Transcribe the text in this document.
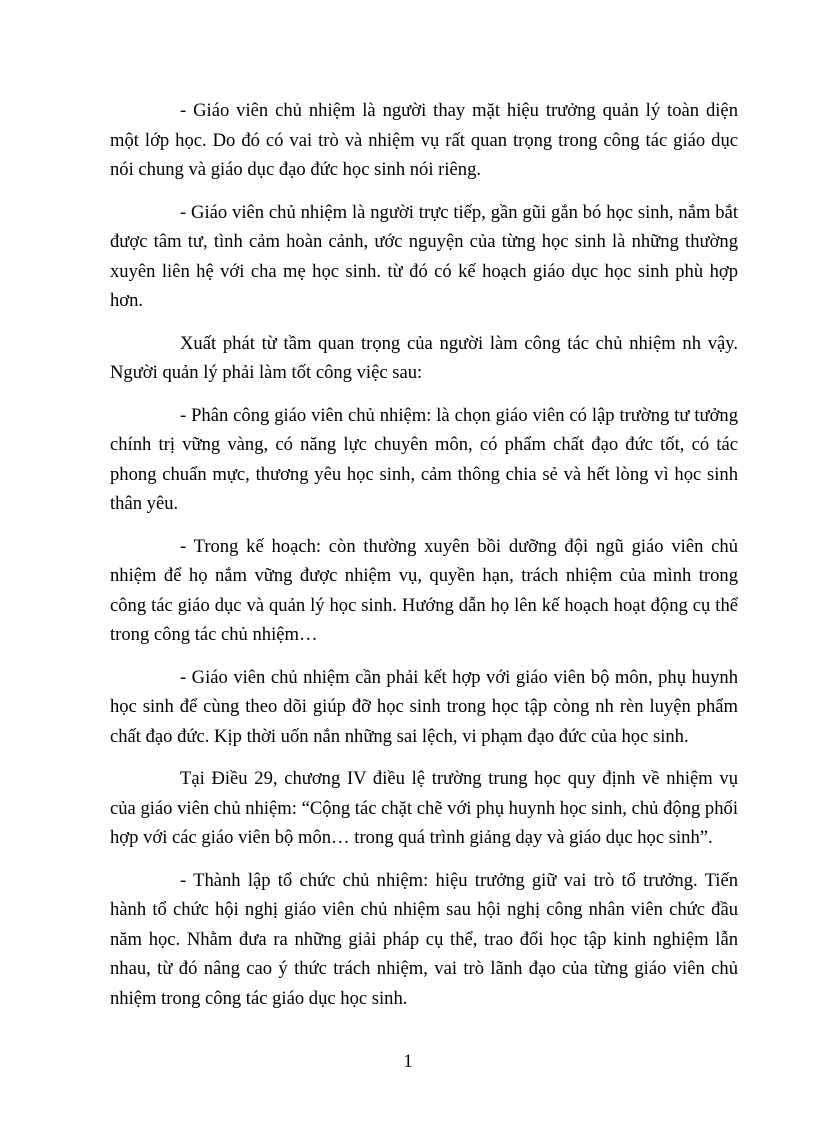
- Giáo viên chủ nhiệm là người thay mặt hiệu trưởng quản lý toàn diện một lớp học. Do đó có vai trò và nhiệm vụ rất quan trọng trong công tác giáo dục nói chung và giáo dục đạo đức học sinh nói riêng.

- Giáo viên chủ nhiệm là người trực tiếp, gần gũi gắn bó học sinh, nắm bắt được tâm tư, tình cảm hoàn cảnh, ước nguyện của từng học sinh là những thường xuyên liên hệ với cha mẹ học sinh. từ đó có kế hoạch giáo dục học sinh phù hợp hơn.

Xuất phát từ tầm quan trọng của người làm công tác chủ nhiệm nh vậy. Người quản lý phải làm tốt công việc sau:

- Phân công giáo viên chủ nhiệm: là chọn giáo viên có lập trường tư tưởng chính trị vững vàng, có năng lực chuyên môn, có phẩm chất đạo đức tốt, có tác phong chuẩn mực, thương yêu học sinh, cảm thông chia sẻ và hết lòng vì học sinh thân yêu.

- Trong kế hoạch: còn thường xuyên bồi dưỡng đội ngũ giáo viên chủ nhiệm để họ nắm vững được nhiệm vụ, quyền hạn, trách nhiệm của mình trong công tác giáo dục và quản lý học sinh. Hướng dẫn họ lên kế hoạch hoạt động cụ thể trong công tác chủ nhiệm…

- Giáo viên chủ nhiệm cần phải kết hợp với giáo viên bộ môn, phụ huynh học sinh để cùng theo dõi giúp đỡ học sinh trong học tập còng nh rèn luyện phẩm chất đạo đức. Kịp thời uốn nắn những sai lệch, vi phạm đạo đức của học sinh.

Tại Điều 29, chương IV điều lệ trường trung học quy định về nhiệm vụ của giáo viên chủ nhiệm: “Cộng tác chặt chẽ với phụ huynh học sinh, chủ động phối hợp với các giáo viên bộ môn… trong quá trình giảng dạy và giáo dục học sinh”.

- Thành lập tổ chức chủ nhiệm: hiệu trưởng giữ vai trò tổ trưởng. Tiến hành tổ chức hội nghị giáo viên chủ nhiệm sau hội nghị công nhân viên chức đầu năm học. Nhằm đưa ra những giải pháp cụ thể, trao đổi học tập kinh nghiệm lẫn nhau, từ đó nâng cao ý thức trách nhiệm, vai trò lãnh đạo của từng giáo viên chủ nhiệm trong công tác giáo dục học sinh.

1
